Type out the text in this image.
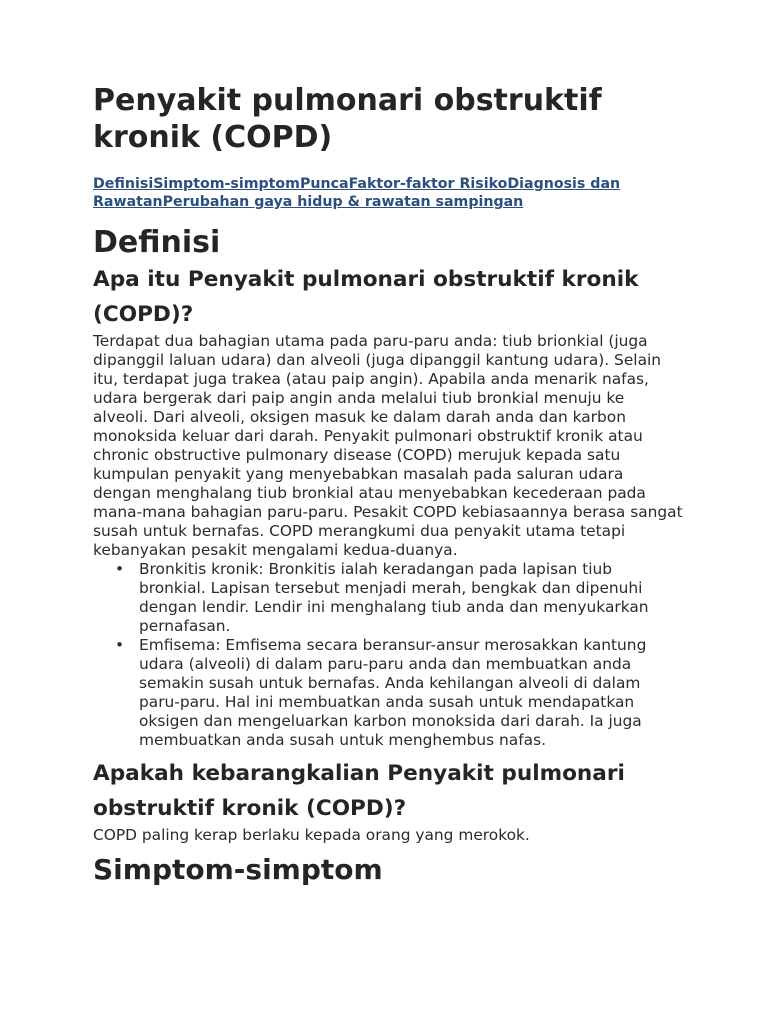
Penyakit pulmonari obstruktif kronik (COPD)
DefinisiSimptom-simptomPuncaFaktor-faktor RisikoDiagnosis dan RawatanPerubahan gaya hidup & rawatan sampingan
Definisi
Apa itu Penyakit pulmonari obstruktif kronik (COPD)?

Terdapat dua bahagian utama pada paru-paru anda: tiub brionkial (juga dipanggil laluan udara) dan alveoli (juga dipanggil kantung udara). Selain itu, terdapat juga trakea (atau paip angin). Apabila anda menarik nafas, udara bergerak dari paip angin anda melalui tiub bronkial menuju ke alveoli. Dari alveoli, oksigen masuk ke dalam darah anda dan karbon monoksida keluar dari darah. Penyakit pulmonari obstruktif kronik atau chronic obstructive pulmonary disease (COPD) merujuk kepada satu kumpulan penyakit yang menyebabkan masalah pada saluran udara dengan menghalang tiub bronkial atau menyebabkan kecederaan pada mana-mana bahagian paru-paru. Pesakit COPD kebiasaannya berasa sangat susah untuk bernafas. COPD merangkumi dua penyakit utama tetapi kebanyakan pesakit mengalami kedua-duanya.

• Bronkitis kronik: Bronkitis ialah keradangan pada lapisan tiub bronkial. Lapisan tersebut menjadi merah, bengkak dan dipenuhi dengan lendir. Lendir ini menghalang tiub anda dan menyukarkan pernafasan.
• Emfisema: Emfisema secara beransur-ansur merosakkan kantung udara (alveoli) di dalam paru-paru anda dan membuatkan anda semakin susah untuk bernafas. Anda kehilangan alveoli di dalam paru-paru. Hal ini membuatkan anda susah untuk mendapatkan oksigen dan mengeluarkan karbon monoksida dari darah. Ia juga membuatkan anda susah untuk menghembus nafas.
Apakah kebarangkalian Penyakit pulmonari obstruktif kronik (COPD)?

COPD paling kerap berlaku kepada orang yang merokok.

Simptom-simptom
